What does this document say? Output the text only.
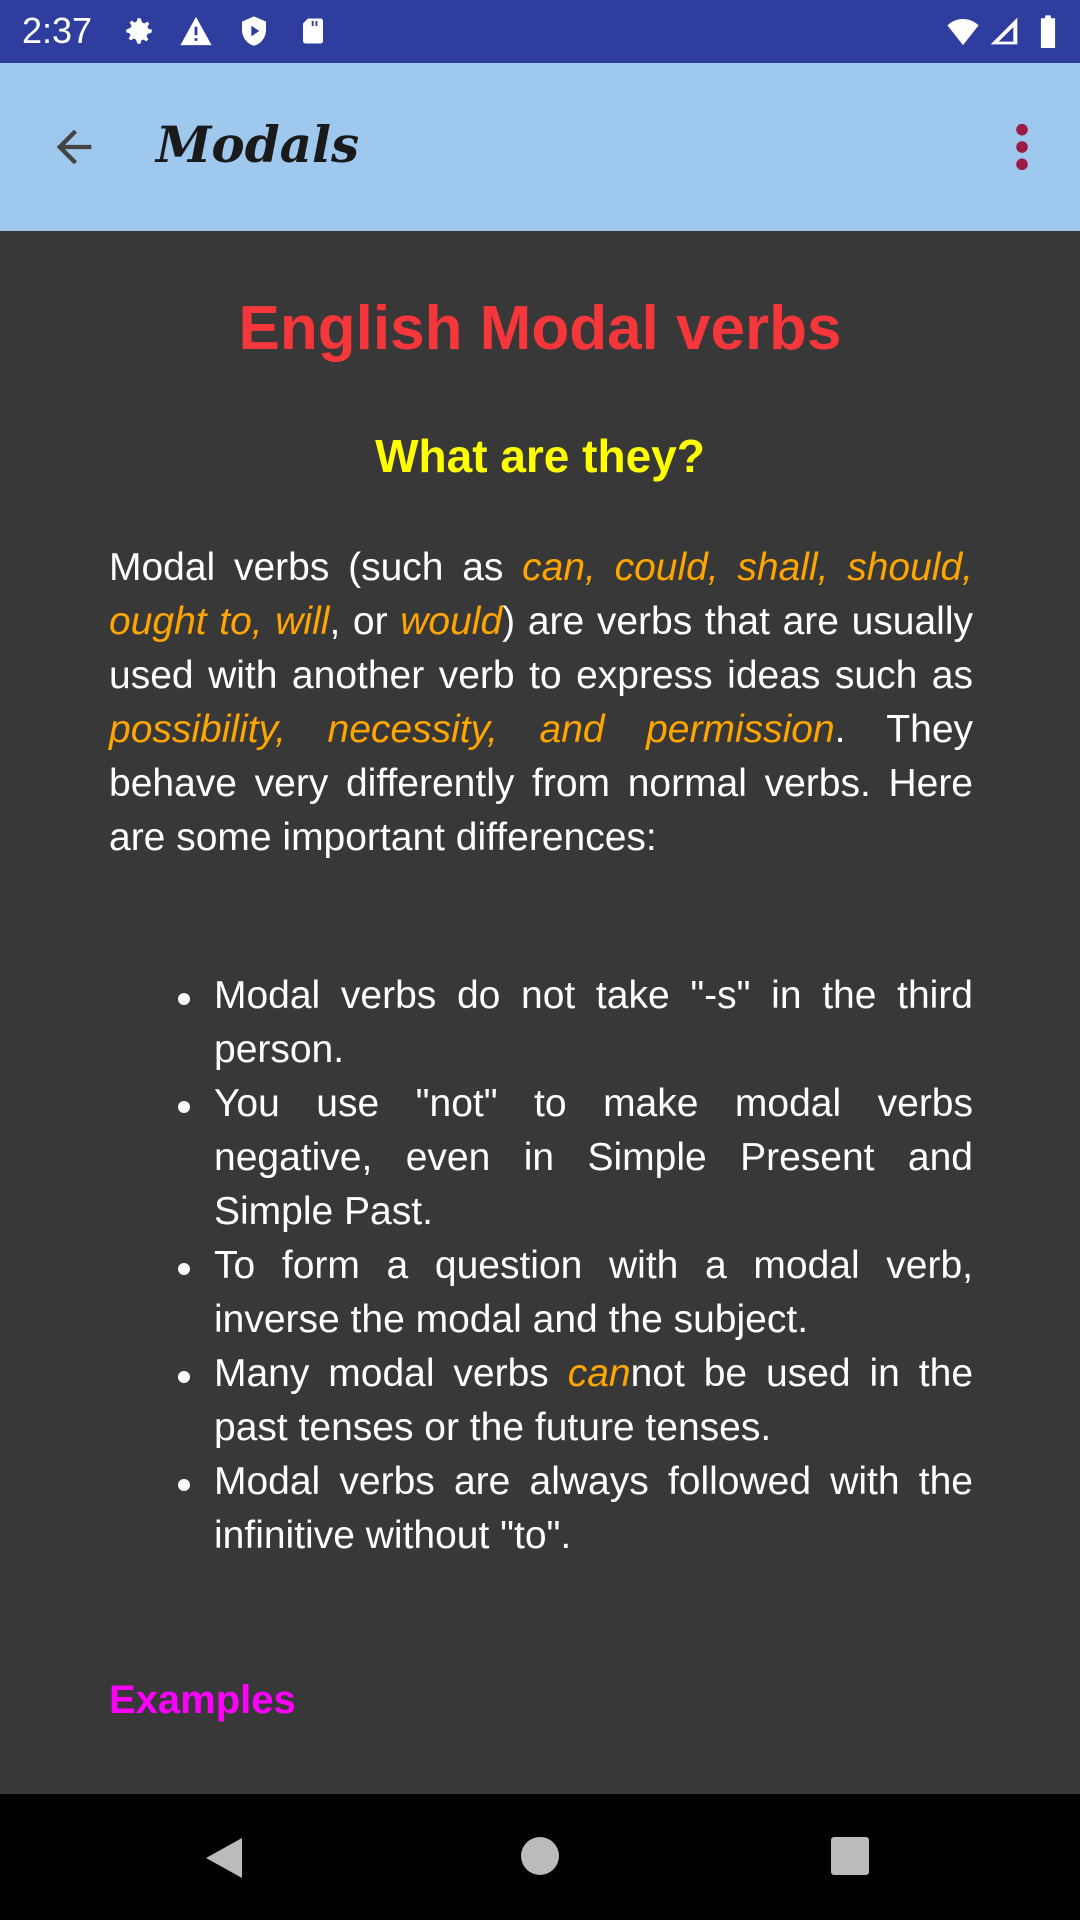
2:37
Modals
English Modal verbs
What are they?

Modal verbs (such as can, could, shall, should, ought to, will, or would) are verbs that are usually used with another verb to express ideas such as possibility, necessity, and permission. They behave very differently from normal verbs. Here are some important differences:

Modal verbs do not take "-s" in the third person.
You use "not" to make modal verbs negative, even in Simple Present and Simple Past.
To form a question with a modal verb, inverse the modal and the subject.
Many modal verbs cannot be used in the past tenses or the future tenses.
Modal verbs are always followed with the infinitive without "to".
Examples
